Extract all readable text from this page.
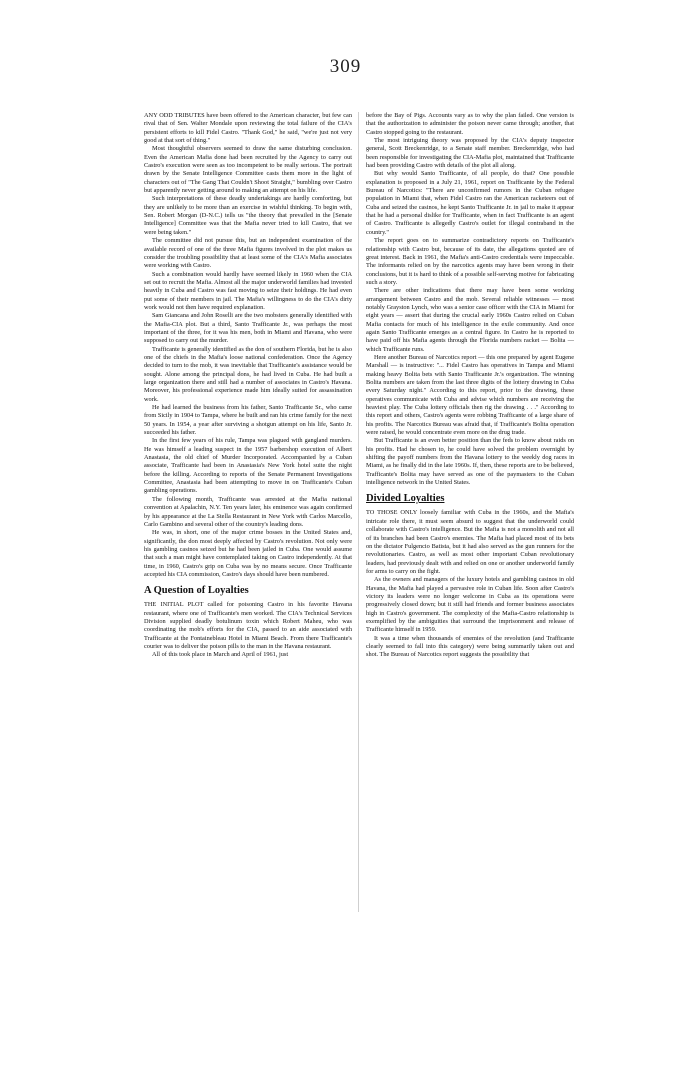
309

ANY ODD TRIBUTES have been offered to the American character, but few can rival that of Sen. Walter Mondale upon reviewing the total failure of the CIA's persistent efforts to kill Fidel Castro. "Thank God," he said, "we're just not very good at that sort of thing."

Most thoughtful observers seemed to draw the same disturbing conclusion. Even the American Mafia done had been recruited by the Agency to carry out Castro's execution were seen as too incompetent to be really serious. The portrait drawn by the Senate Intelligence Committee casts them more in the light of characters out of "The Gang That Couldn't Shoot Straight," bumbling over Castro but apparently never getting around to making an attempt on his life.

Such interpretations of these deadly undertakings are hardly comforting, but they are unlikely to be more than an exercise in wishful thinking. To begin with, Sen. Robert Morgan (D-N.C.) tells us "the theory that prevailed in the [Senate Intelligence] Committee was that the Mafia never tried to kill Castro, that we were being taken."

The committee did not pursue this, but an independent examination of the available record of one of the three Mafia figures involved in the plot makes us consider the troubling possibility that at least some of the CIA's Mafia associates were working with Castro.

Such a combination would hardly have seemed likely in 1960 when the CIA set out to recruit the Mafia. Almost all the major underworld families had invested heavily in Cuba and Castro was fast moving to seize their holdings. He had even put some of their members in jail. The Mafia's willingness to do the CIA's dirty work would not then have required explanation.

Sam Giancana and John Roselli are the two mobsters generally identified with the Mafia-CIA plot. But a third, Santo Trafficante Jr., was perhaps the most important of the three, for it was his men, both in Miami and Havana, who were supposed to carry out the murder.

Trafficante is generally identified as the don of southern Florida, but he is also one of the chiefs in the Mafia's loose national confederation. Once the Agency decided to turn to the mob, it was inevitable that Trafficante's assistance would be sought. Alone among the principal dons, he had lived in Cuba. He had built a large organization there and still had a number of associates in Castro's Havana. Moreover, his professional experience made him ideally suited for assassination work.

He had learned the business from his father, Santo Trafficante Sr., who came from Sicily in 1904 to Tampa, where he built and ran his crime family for the next 50 years. In 1954, a year after surviving a shotgun attempt on his life, Santo Jr. succeeded his father.

In the first few years of his rule, Tampa was plagued with gangland murders. He was himself a leading suspect in the 1957 barbershop execution of Albert Anastasia, the old chief of Murder Incorporated. Accompanied by a Cuban associate, Trafficante had been in Anastasia's New York hotel suite the night before the killing. According to reports of the Senate Permanent Investigations Committee, Anastasia had been attempting to move in on Trafficante's Cuban gambling operations.

The following month, Trafficante was arrested at the Mafia national convention at Apalachin, N.Y. Ten years later, his eminence was again confirmed by his appearance at the La Stella Restaurant in New York with Carlos Marcello, Carlo Gambino and several other of the country's leading dons.

He was, in short, one of the major crime bosses in the United States and, significantly, the don most deeply affected by Castro's revolution. Not only were his gambling casinos seized but he had been jailed in Cuba. One would assume that such a man might have contemplated taking on Castro independently. At that time, in 1960, Castro's grip on Cuba was by no means secure. Once Trafficante accepted his CIA commission, Castro's days should have been numbered.

A Question of Loyalties

THE INITIAL PLOT called for poisoning Castro in his favorite Havana restaurant, where one of Trafficante's men worked. The CIA's Technical Services Division supplied deadly botulinum toxin which Robert Maheu, who was coordinating the mob's efforts for the CIA, passed to an aide associated with Trafficante at the Fontainebleau Hotel in Miami Beach. From there Trafficante's courier was to deliver the poison pills to the man in the Havana restaurant.

All of this took place in March and April of 1961, just

before the Bay of Pigs. Accounts vary as to why the plan failed. One version is that the authorization to administer the poison never came through; another, that Castro stopped going to the restaurant.

The most intriguing theory was proposed by the CIA's deputy inspector general, Scott Breckenridge, to a Senate staff member. Breckenridge, who had been responsible for investigating the CIA-Mafia plot, maintained that Trafficante had been providing Castro with details of the plot all along.

But why would Santo Trafficante, of all people, do that? One possible explanation is proposed in a July 21, 1961, report on Trafficante by the Federal Bureau of Narcotics: "There are unconfirmed rumors in the Cuban refugee population in Miami that, when Fidel Castro ran the American racketeers out of Cuba and seized the casinos, he kept Santo Trafficante Jr. in jail to make it appear that he had a personal dislike for Trafficante, when in fact Trafficante is an agent of Castro. Trafficante is allegedly Castro's outlet for illegal contraband in the country."

The report goes on to summarize contradictory reports on Trafficante's relationship with Castro but, because of its date, the allegations quoted are of great interest. Back in 1961, the Mafia's anti-Castro credentials were impeccable. The informants relied on by the narcotics agents may have been wrong in their conclusions, but it is hard to think of a possible self-serving motive for fabricating such a story.

There are other indications that there may have been some working arrangement between Castro and the mob. Several reliable witnesses — most notably Grayston Lynch, who was a senior case officer with the CIA in Miami for eight years — assert that during the crucial early 1960s Castro relied on Cuban Mafia contacts for much of his intelligence in the exile community. And once again Santo Trafficante emerges as a central figure. In Castro he is reported to have paid off his Mafia agents through the Florida numbers racket — Bolita — which Trafficante runs.

Here another Bureau of Narcotics report — this one prepared by agent Eugene Marshall — is instructive: "... Fidel Castro has operatives in Tampa and Miami making heavy Bolita bets with Santo Trafficante Jr.'s organization. The winning Bolita numbers are taken from the last three digits of the lottery drawing in Cuba every Saturday night." According to this report, prior to the drawing, these operatives communicate with Cuba and advise which numbers are receiving the heaviest play. The Cuba lottery officials then rig the drawing . . ." According to this report and others, Castro's agents were robbing Trafficante of a large share of his profits. The Narcotics Bureau was afraid that, if Trafficante's Bolita operation were raised, he would concentrate even more on the drug trade.

But Trafficante is an even better position than the feds to know about raids on his profits. Had he chosen to, he could have solved the problem overnight by shifting the payoff numbers from the Havana lottery to the weekly dog races in Miami, as he finally did in the late 1960s. If, then, these reports are to be believed, Trafficante's Bolita may have served as one of the paymasters to the Cuban intelligence network in the United States.

Divided Loyalties

TO THOSE ONLY loosely familiar with Cuba in the 1960s, and the Mafia's intricate role there, it must seem absurd to suggest that the underworld could collaborate with Castro's intelligence. But the Mafia is not a monolith and not all of its branches had been Castro's enemies. The Mafia had placed most of its bets on the dictator Fulgencio Batista, but it had also served as the gun runners for the revolutionaries. Castro, as well as most other important Cuban revolutionary leaders, had previously dealt with and relied on one or another underworld family for arms to carry on the fight.

As the owners and managers of the luxury hotels and gambling casinos in old Havana, the Mafia had played a pervasive role in Cuban life. Soon after Castro's victory its leaders were no longer welcome in Cuba as its operations were progressively closed down; but it still had friends and former business associates high in Castro's government. The complexity of the Mafia-Castro relationship is exemplified by the ambiguities that surround the imprisonment and release of Trafficante himself in 1959.

It was a time when thousands of enemies of the revolution (and Trafficante clearly seemed to fall into this category) were being summarily taken out and shot. The Bureau of Narcotics report suggests the possibility that
